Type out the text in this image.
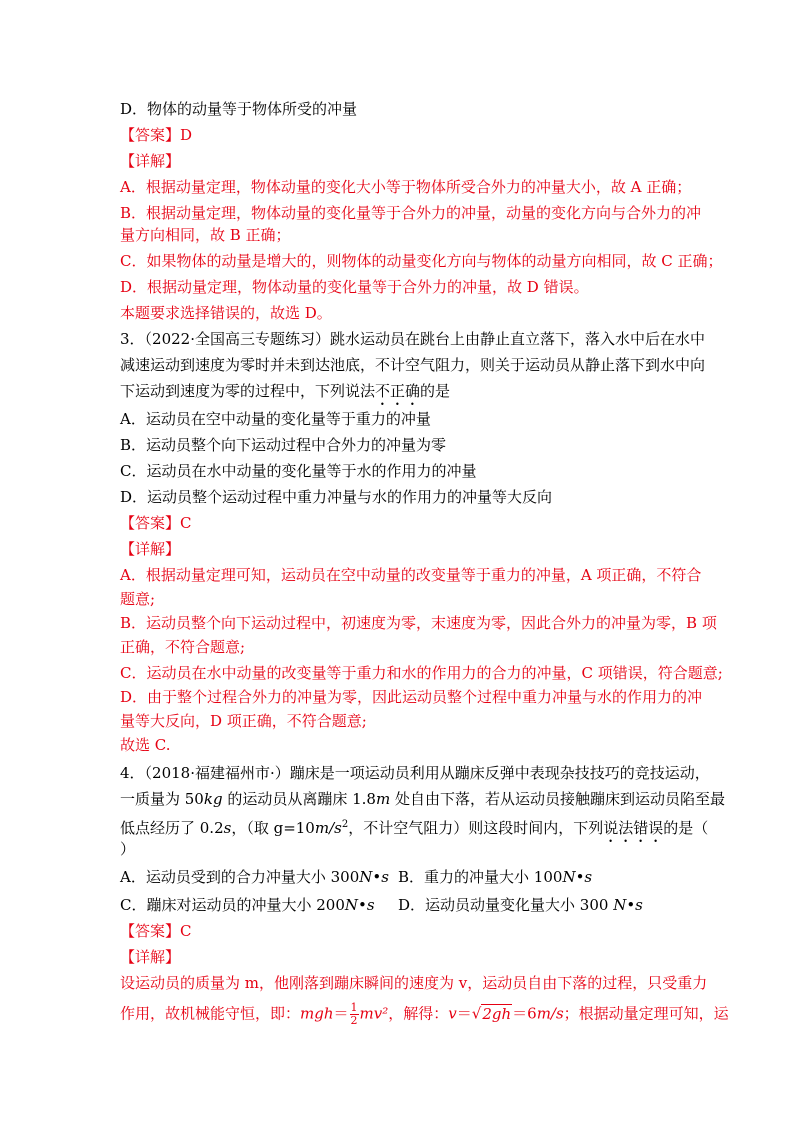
D．物体的动量等于物体所受的冲量
【答案】D
【详解】
A．根据动量定理，物体动量的变化大小等于物体所受合外力的冲量大小，故 A 正确；
B．根据动量定理，物体动量的变化量等于合外力的冲量，动量的变化方向与合外力的冲
量方向相同，故 B 正确；
C．如果物体的动量是增大的，则物体的动量变化方向与物体的动量方向相同，故 C 正确；
D．根据动量定理，物体动量的变化量等于合外力的冲量，故 D 错误。
本题要求选择错误的，故选 D。
3．（2022·全国高三专题练习）跳水运动员在跳台上由静止直立落下，落入水中后在水中
减速运动到速度为零时并未到达池底，不计空气阻力，则关于运动员从静止落下到水中向
下运动到速度为零的过程中，下列说法不正确的是
A．运动员在空中动量的变化量等于重力的冲量
B．运动员整个向下运动过程中合外力的冲量为零
C．运动员在水中动量的变化量等于水的作用力的冲量
D．运动员整个运动过程中重力冲量与水的作用力的冲量等大反向
【答案】C
【详解】
A．根据动量定理可知，运动员在空中动量的改变量等于重力的冲量，A 项正确，不符合
题意;
B．运动员整个向下运动过程中，初速度为零，末速度为零，因此合外力的冲量为零，B 项
正确，不符合题意;
C．运动员在水中动量的改变量等于重力和水的作用力的合力的冲量，C 项错误，符合题意;
D．由于整个过程合外力的冲量为零，因此运动员整个过程中重力冲量与水的作用力的冲
量等大反向，D 项正确，不符合题意;
故选 C.
4．（2018·福建福州市·）蹦床是一项运动员利用从蹦床反弹中表现杂技技巧的竞技运动，
一质量为 50kg 的运动员从离蹦床 1.8m 处自由下落，若从运动员接触蹦床到运动员陷至最
低点经历了 0.2s，（取 $g=10m/s^2$，不计空气阻力）则这段时间内，下列说法错误的是（
）
A．运动员受到的合力冲量大小 300N•s B．重力的冲量大小 100N•s
C．蹦床对运动员的冲量大小 200N•s D．运动员动量变化量大小 300 N•s
【答案】C
【详解】
设运动员的质量为 m，他刚落到蹦床瞬间的速度为 v，运动员自由下落的过程，只受重力
作用，故机械能守恒，即：$mgh= \frac{1}{2} mv^2$，解得：v＝√2gh＝6m/s；根据动量定理可知，运
